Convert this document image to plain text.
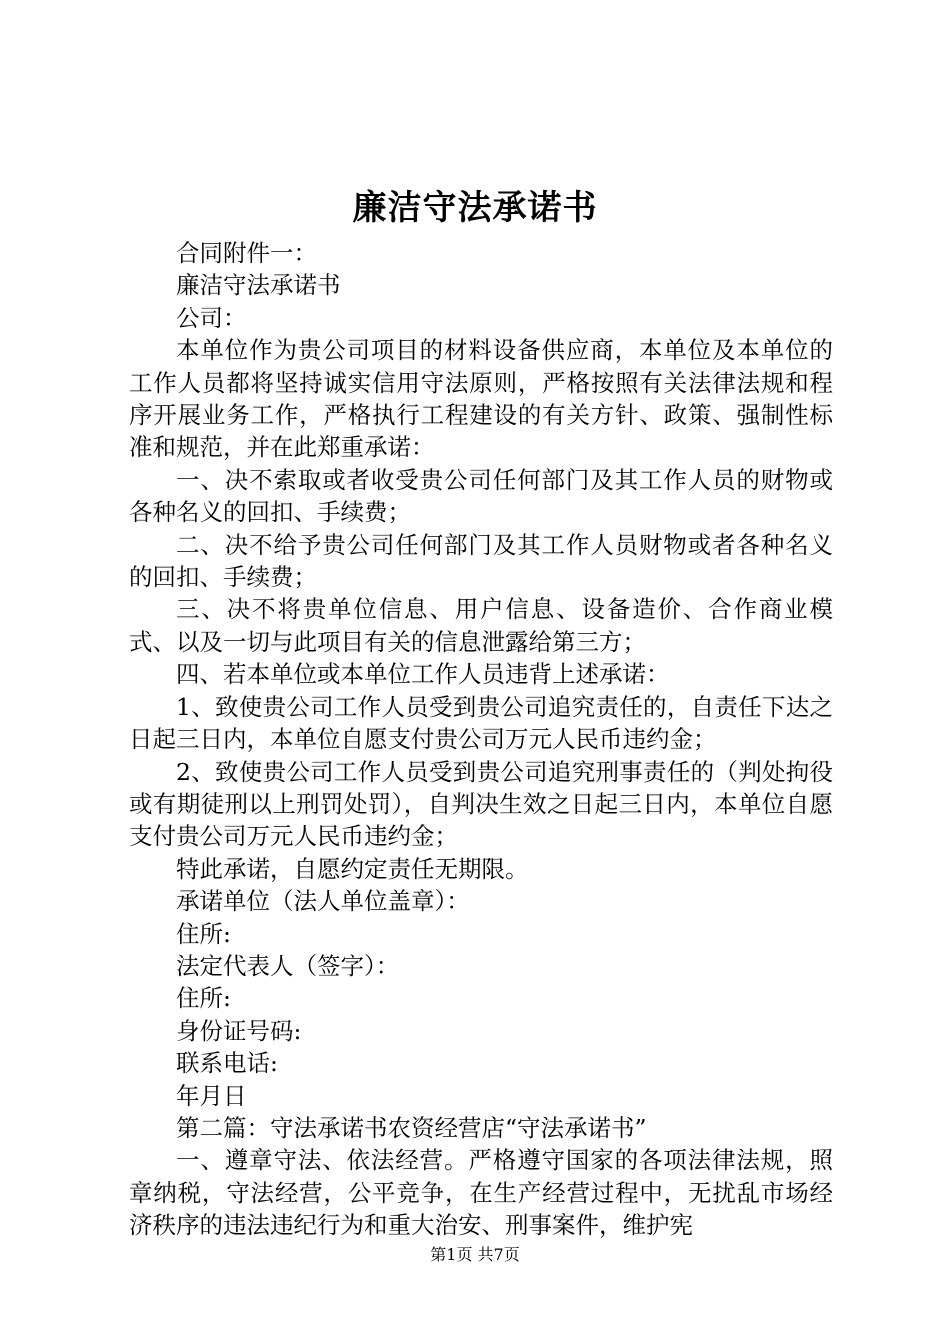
廉洁守法承诺书

合同附件一：

廉洁守法承诺书

公司：

本单位作为贵公司项目的材料设备供应商，本单位及本单位的工作人员都将坚持诚实信用守法原则，严格按照有关法律法规和程序开展业务工作，严格执行工程建设的有关方针、政策、强制性标准和规范，并在此郑重承诺：

一、决不索取或者收受贵公司任何部门及其工作人员的财物或各种名义的回扣、手续费；

二、决不给予贵公司任何部门及其工作人员财物或者各种名义的回扣、手续费；

三、决不将贵单位信息、用户信息、设备造价、合作商业模式、以及一切与此项目有关的信息泄露给第三方；

四、若本单位或本单位工作人员违背上述承诺：

1、致使贵公司工作人员受到贵公司追究责任的，自责任下达之日起三日内，本单位自愿支付贵公司万元人民币违约金；

2、致使贵公司工作人员受到贵公司追究刑事责任的（判处拘役或有期徒刑以上刑罚处罚），自判决生效之日起三日内，本单位自愿支付贵公司万元人民币违约金；

特此承诺，自愿约定责任无期限。

承诺单位（法人单位盖章）：

住所:

法定代表人（签字）：

住所:

身份证号码:

联系电话:

年月日

第二篇：守法承诺书农资经营店“守法承诺书”

一、遵章守法、依法经营。严格遵守国家的各项法律法规，照章纳税，守法经营，公平竞争，在生产经营过程中，无扰乱市场经济秩序的违法违纪行为和重大治安、刑事案件，维护宪

第1页 共7页
